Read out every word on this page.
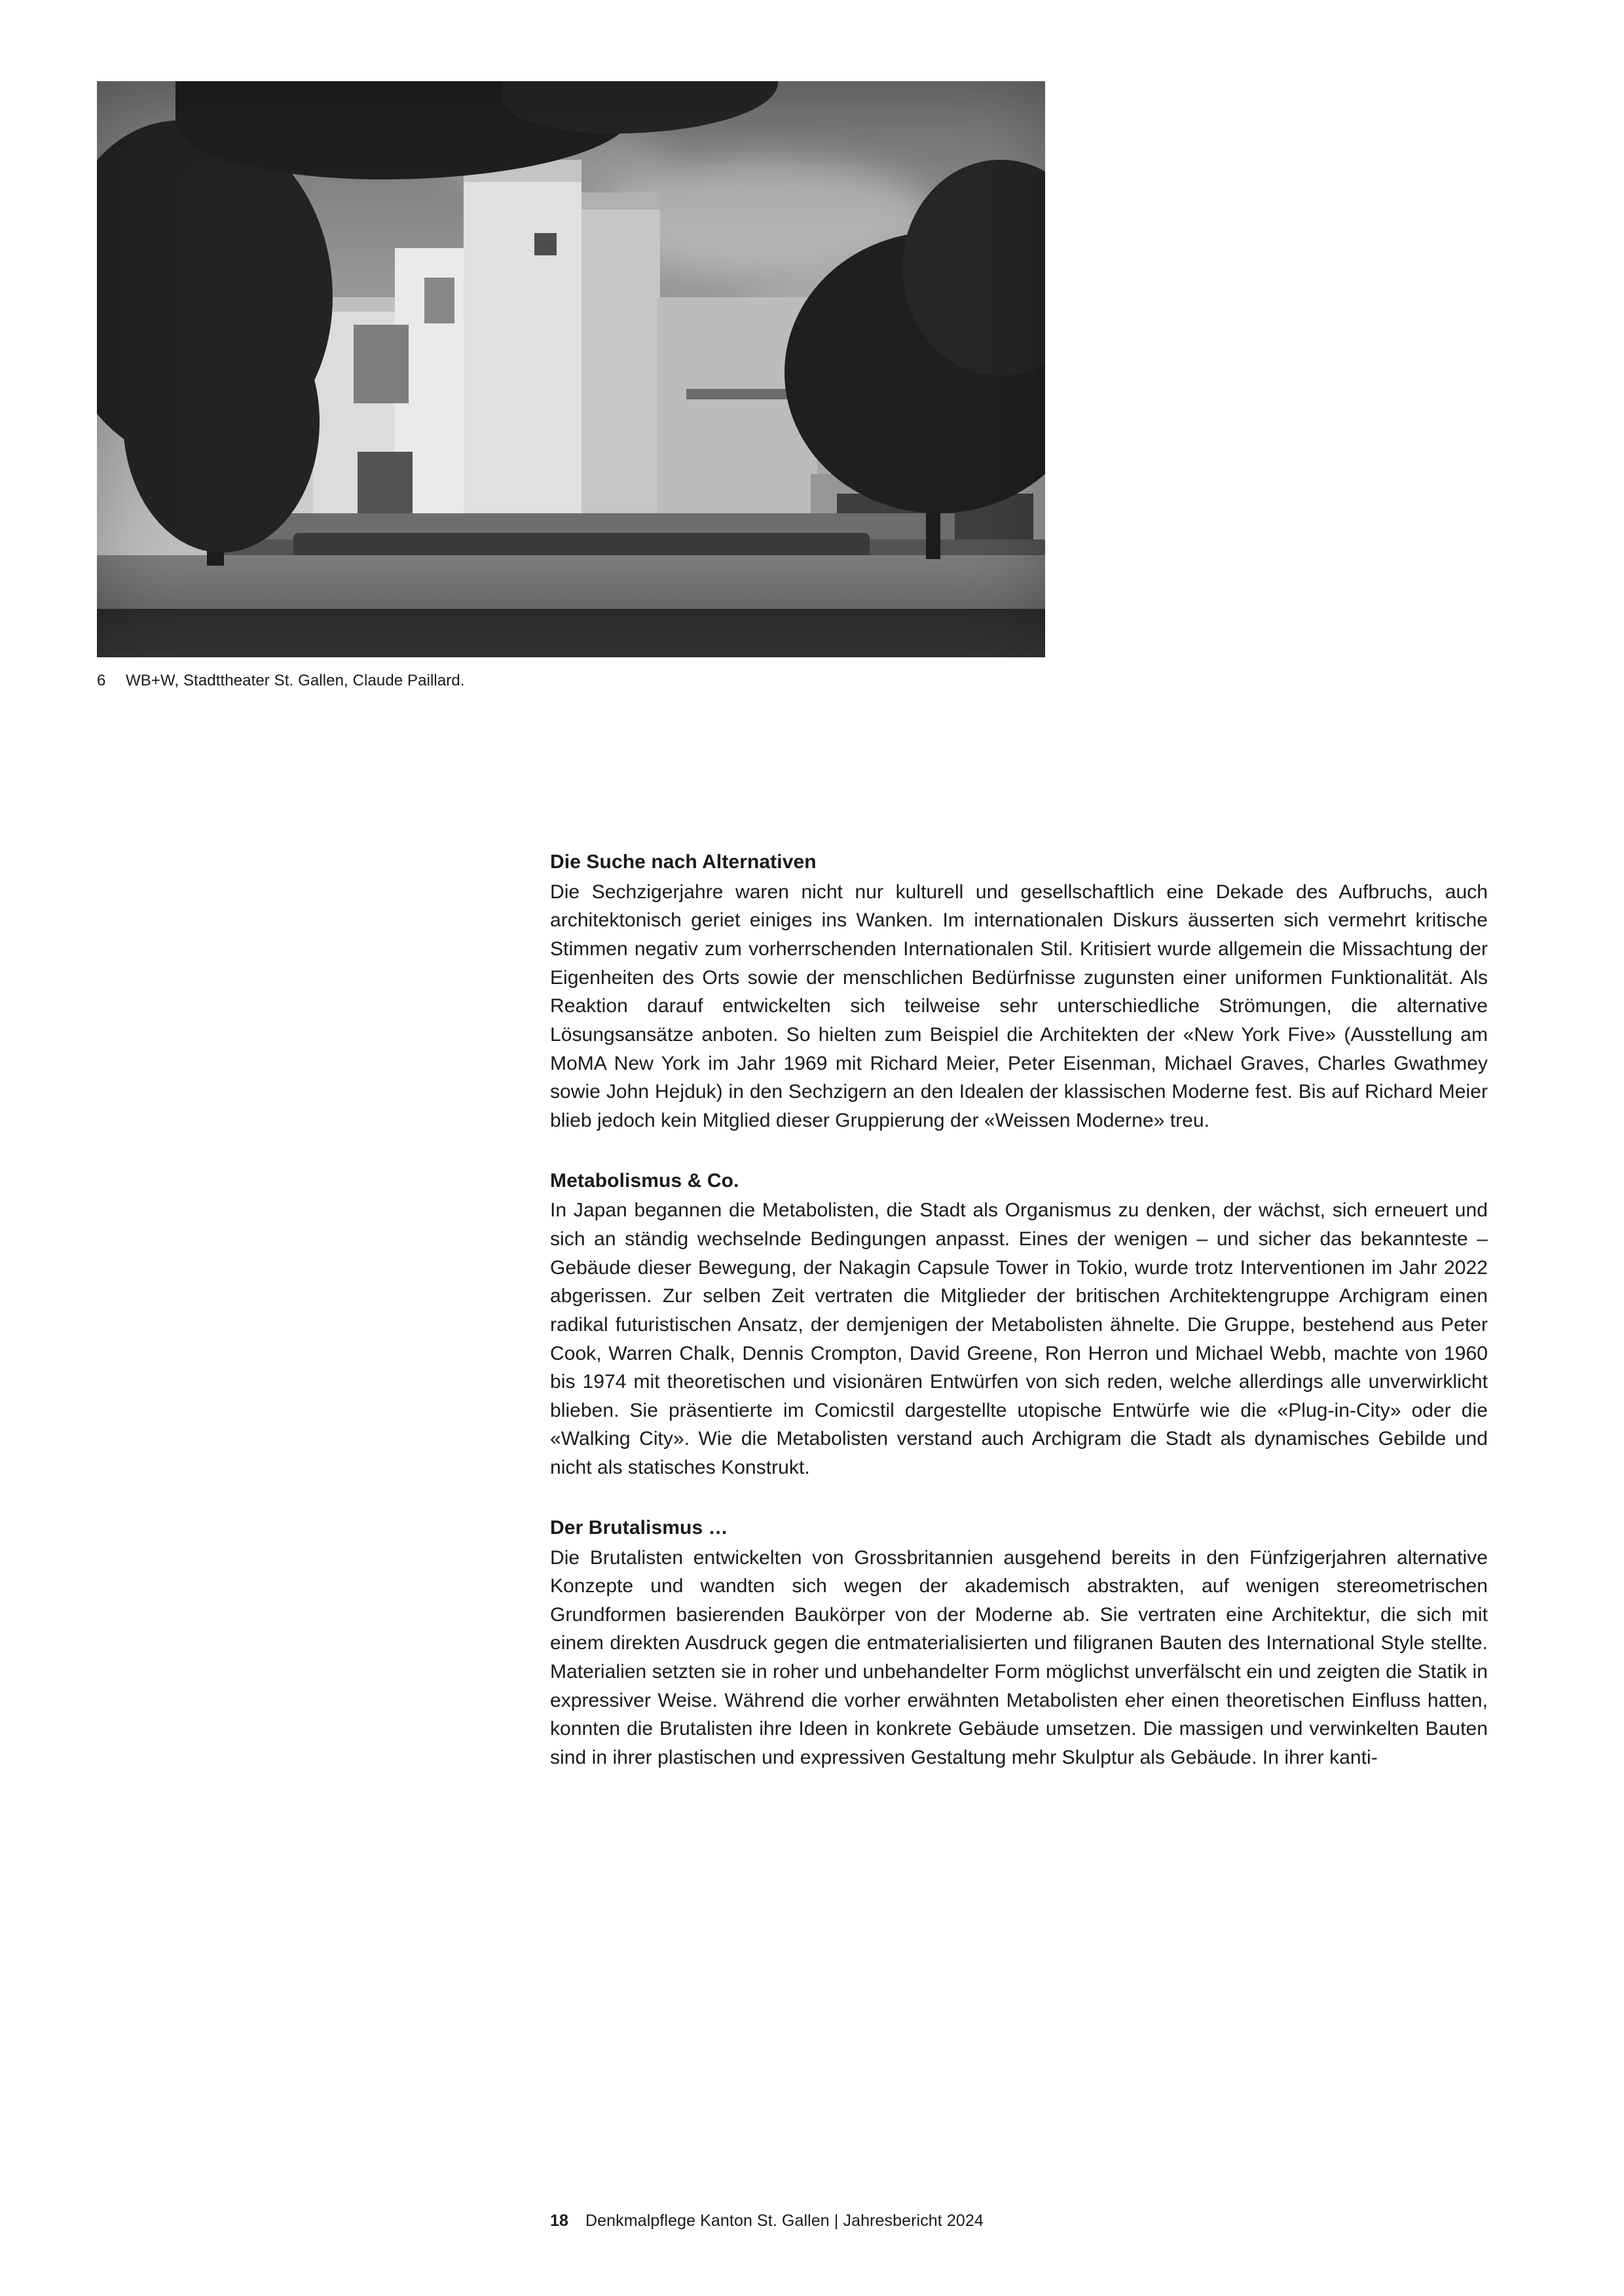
6	WB+W, Stadttheater St. Gallen, Claude Paillard.
Die Suche nach Alternativen

Die Sechzigerjahre waren nicht nur kulturell und gesellschaftlich eine Dekade des Aufbruchs, auch architektonisch geriet einiges ins Wanken. Im internationalen Diskurs äusserten sich vermehrt kritische Stimmen negativ zum vorherrschenden Internationalen Stil. Kritisiert wurde allgemein die Missachtung der Eigenheiten des Orts sowie der menschlichen Bedürfnisse zugunsten einer uniformen Funktionalität. Als Reaktion darauf entwickelten sich teilweise sehr unterschiedliche Strömungen, die alternative Lösungsansätze anboten. So hielten zum Beispiel die Architekten der «New York Five» (Ausstellung am MoMA New York im Jahr 1969 mit Richard Meier, Peter Eisenman, Michael Graves, Charles Gwathmey sowie John Hejduk) in den Sechzigern an den Idealen der klassischen Moderne fest. Bis auf Richard Meier blieb jedoch kein Mitglied dieser Gruppierung der «Weissen Moderne» treu.

Metabolismus & Co.

In Japan begannen die Metabolisten, die Stadt als Organismus zu denken, der wächst, sich erneuert und sich an ständig wechselnde Bedingungen anpasst. Eines der wenigen – und sicher das bekannteste – Gebäude dieser Bewegung, der Nakagin Capsule Tower in Tokio, wurde trotz Interventionen im Jahr 2022 abgerissen. Zur selben Zeit vertraten die Mitglieder der britischen Architektengruppe Archigram einen radikal futuristischen Ansatz, der demjenigen der Metabolisten ähnelte. Die Gruppe, bestehend aus Peter Cook, Warren Chalk, Dennis Crompton, David Greene, Ron Herron und Michael Webb, machte von 1960 bis 1974 mit theoretischen und visionären Entwürfen von sich reden, welche allerdings alle unverwirklicht blieben. Sie präsentierte im Comicstil dargestellte utopische Entwürfe wie die «Plug-in-City» oder die «Walking City». Wie die Metabolisten verstand auch Archigram die Stadt als dynamisches Gebilde und nicht als statisches Konstrukt.

Der Brutalismus …

Die Brutalisten entwickelten von Grossbritannien ausgehend bereits in den Fünfzigerjahren alternative Konzepte und wandten sich wegen der akademisch abstrakten, auf wenigen stereometrischen Grundformen basierenden Baukörper von der Moderne ab. Sie vertraten eine Architektur, die sich mit einem direkten Ausdruck gegen die entmaterialisierten und filigranen Bauten des International Style stellte. Materialien setzten sie in roher und unbehandelter Form möglichst unverfälscht ein und zeigten die Statik in expressiver Weise. Während die vorher erwähnten Metabolisten eher einen theoretischen Einfluss hatten, konnten die Brutalisten ihre Ideen in konkrete Gebäude umsetzen. Die massigen und verwinkelten Bauten sind in ihrer plastischen und expressiven Gestaltung mehr Skulptur als Gebäude. In ihrer kanti-

18 Denkmalpflege Kanton St. Gallen | Jahresbericht 2024
